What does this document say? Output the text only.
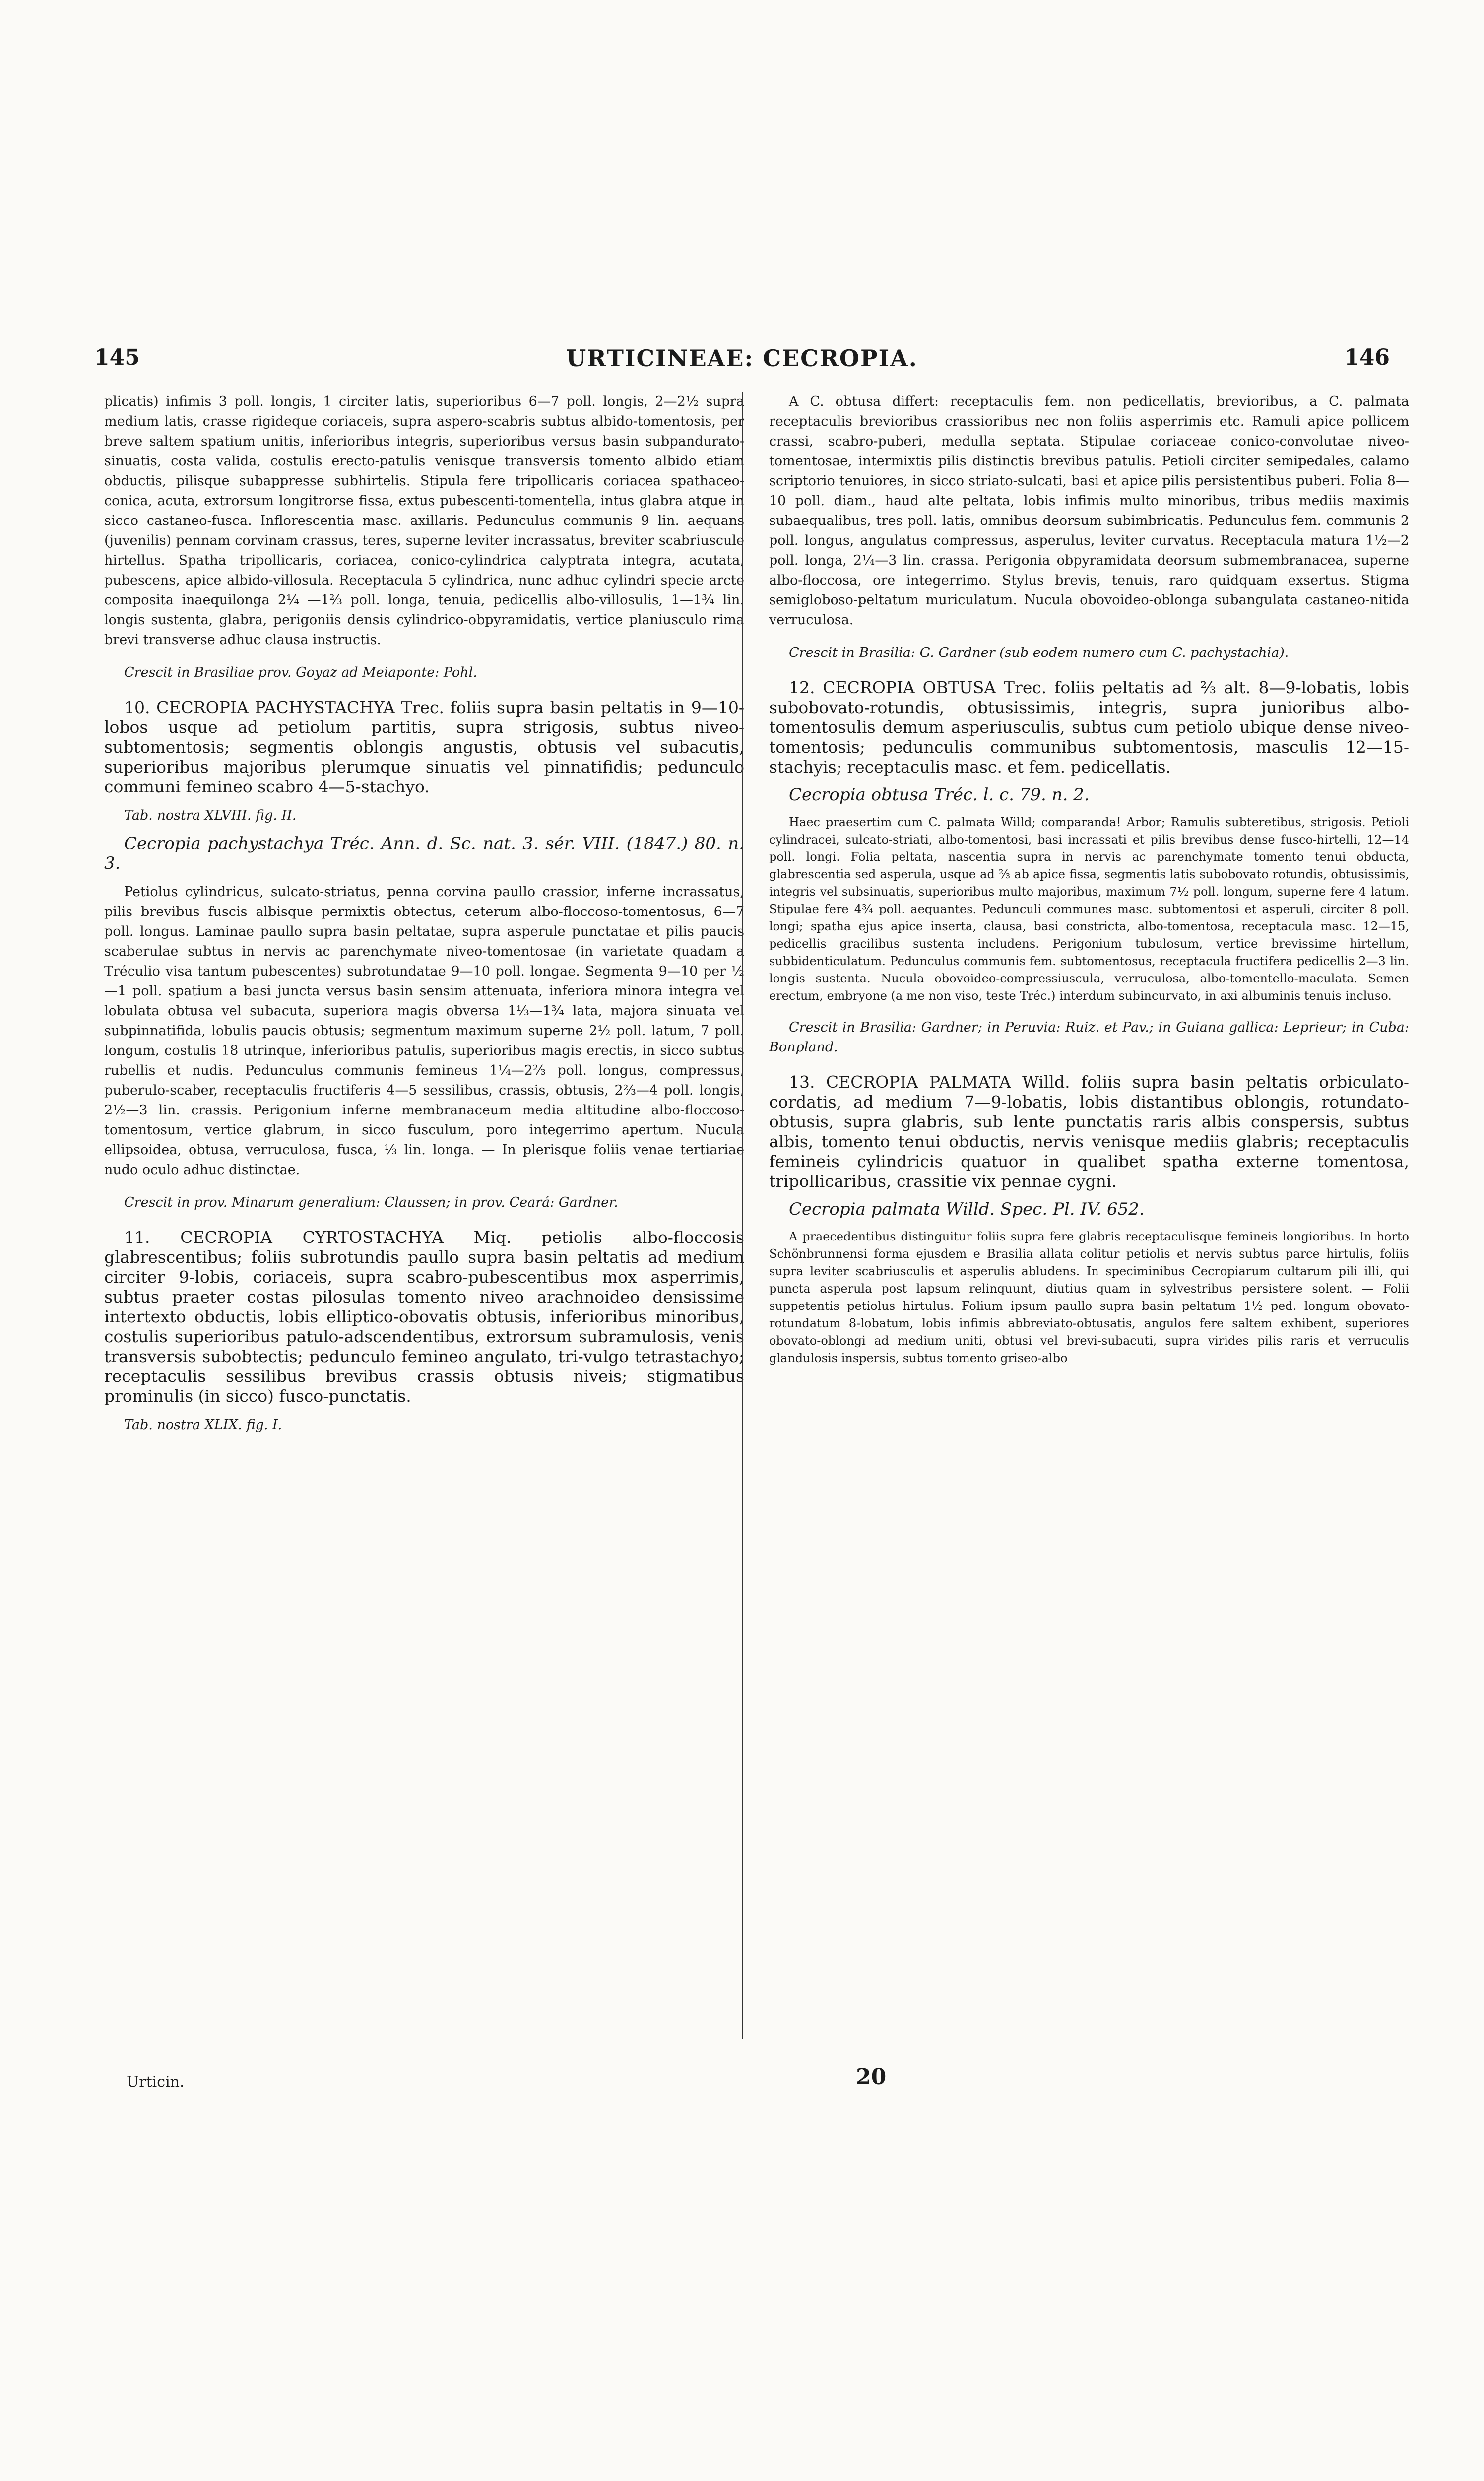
145	URTICINEAE: CECROPIA.	146

plicatis) infimis 3 poll. longis, 1 circiter latis, superioribus 6—7 poll. longis, 2—2½ supra medium latis, crasse rigideque coriaceis, supra aspero-scabris subtus albido-tomentosis, per breve saltem spatium unitis, inferioribus integris, superioribus versus basin subpandurato-sinuatis, costa valida, costulis erecto-patulis venisque transversis tomento albido etiam obductis, pilisque subappresse subhirtelis. Stipula fere tripollicaris coriacea spathaceo-conica, acuta, extrorsum longitrorse fissa, extus pubescenti-tomentella, intus glabra atque in sicco castaneo-fusca. Inflorescentia masc. axillaris. Pedunculus communis 9 lin. aequans (juvenilis) pennam corvinam crassus, teres, superne leviter incrassatus, breviter scabriuscule hirtellus. Spatha tripollicaris, coriacea, conico-cylindrica calyptrata integra, acutata, pubescens, apice albido-villosula. Receptacula 5 cylindrica, nunc adhuc cylindri specie arcte composita inaequilonga 2¼ —1⅔ poll. longa, tenuia, pedicellis albo-villosulis, 1—1¾ lin. longis sustenta, glabra, perigoniis densis cylindrico-obpyramidatis, vertice planiusculo rima brevi transverse adhuc clausa instructis.

Crescit in Brasiliae prov. Goyaz ad Meiaponte: Pohl.

10. CECROPIA PACHYSTACHYA Trec. foliis supra basin peltatis in 9—10-lobos usque ad petiolum partitis, supra strigosis, subtus niveo-subtomentosis; segmentis oblongis angustis, obtusis vel subacutis, superioribus majoribus plerumque sinuatis vel pinnatifidis; pedunculo communi femineo scabro 4—5-stachyo.

Tab. nostra XLVIII. fig. II.

Cecropia pachystachya Tréc. Ann. d. Sc. nat. 3. sér. VIII. (1847.) 80. n. 3.

Petiolus cylindricus, sulcato-striatus, penna corvina paullo crassior, inferne incrassatus, pilis brevibus fuscis albisque permixtis obtectus, ceterum albo-floccoso-tomentosus, 6—7 poll. longus. Laminae paullo supra basin peltatae, supra asperule punctatae et pilis paucis scaberulae subtus in nervis ac parenchymate niveo-tomentosae (in varietate quadam a Tréculio visa tantum pubescentes) subrotundatae 9—10 poll. longae. Segmenta 9—10 per ½—1 poll. spatium a basi juncta versus basin sensim attenuata, inferiora minora integra vel lobulata obtusa vel subacuta, superiora magis obversa 1⅓—1¾ lata, majora sinuata vel subpinnatifida, lobulis paucis obtusis; segmentum maximum superne 2½ poll. latum, 7 poll. longum, costulis 18 utrinque, inferioribus patulis, superioribus magis erectis, in sicco subtus rubellis et nudis. Pedunculus communis femineus 1¼—2⅔ poll. longus, compressus, puberulo-scaber, receptaculis fructiferis 4—5 sessilibus, crassis, obtusis, 2⅔—4 poll. longis, 2½—3 lin. crassis. Perigonium inferne membranaceum media altitudine albo-floccoso-tomentosum, vertice glabrum, in sicco fusculum, poro integerrimo apertum. Nucula ellipsoidea, obtusa, verruculosa, fusca, ⅓ lin. longa. — In plerisque foliis venae tertiariae nudo oculo adhuc distinctae.

Crescit in prov. Minarum generalium: Claussen; in prov. Ceará: Gardner.

11. CECROPIA CYRTOSTACHYA Miq. petiolis albo-floccosis glabrescentibus; foliis subrotundis paullo supra basin peltatis ad medium circiter 9-lobis, coriaceis, supra scabro-pubescentibus mox asperrimis, subtus praeter costas pilosulas tomento niveo arachnoideo densissime intertexto obductis, lobis elliptico-obovatis obtusis, inferioribus minoribus, costulis superioribus patulo-adscendentibus, extrorsum subramulosis, venis transversis subobtectis; pedunculo femineo angulato, tri-vulgo tetrastachyo; receptaculis sessilibus brevibus crassis obtusis niveis; stigmatibus prominulis (in sicco) fusco-punctatis.

Tab. nostra XLIX. fig. I.

A C. obtusa differt: receptaculis fem. non pedicellatis, brevioribus, a C. palmata receptaculis brevioribus crassioribus nec non foliis asperrimis etc. Ramuli apice pollicem crassi, scabro-puberi, medulla septata. Stipulae coriaceae conico-convolutae niveo-tomentosae, intermixtis pilis distinctis brevibus patulis. Petioli circiter semipedales, calamo scriptorio tenuiores, in sicco striato-sulcati, basi et apice pilis persistentibus puberi. Folia 8—10 poll. diam., haud alte peltata, lobis infimis multo minoribus, tribus mediis maximis subaequalibus, tres poll. latis, omnibus deorsum subimbricatis. Pedunculus fem. communis 2 poll. longus, angulatus compressus, asperulus, leviter curvatus. Receptacula matura 1½—2 poll. longa, 2¼—3 lin. crassa. Perigonia obpyramidata deorsum submembranacea, superne albo-floccosa, ore integerrimo. Stylus brevis, tenuis, raro quidquam exsertus. Stigma semigloboso-peltatum muriculatum. Nucula obovoideo-oblonga subangulata castaneo-nitida verruculosa.

Crescit in Brasilia: G. Gardner (sub eodem numero cum C. pachystachia).

12. CECROPIA OBTUSA Trec. foliis peltatis ad ⅔ alt. 8—9-lobatis, lobis subobovato-rotundis, obtusissimis, integris, supra junioribus albo-tomentosulis demum asperiusculis, subtus cum petiolo ubique dense niveo-tomentosis; pedunculis communibus subtomentosis, masculis 12—15-stachyis; receptaculis masc. et fem. pedicellatis.

Cecropia obtusa Tréc. l. c. 79. n. 2.

Haec praesertim cum C. palmata Willd; comparanda! Arbor; Ramulis subteretibus, strigosis. Petioli cylindracei, sulcato-striati, albo-tomentosi, basi incrassati et pilis brevibus dense fusco-hirtelli, 12—14 poll. longi. Folia peltata, nascentia supra in nervis ac parenchymate tomento tenui obducta, glabrescentia sed asperula, usque ad ⅔ ab apice fissa, segmentis latis subobovato rotundis, obtusissimis, integris vel subsinuatis, superioribus multo majoribus, maximum 7½ poll. longum, superne fere 4 latum. Stipulae fere 4¾ poll. aequantes. Pedunculi communes masc. subtomentosi et asperuli, circiter 8 poll. longi; spatha ejus apice inserta, clausa, basi constricta, albo-tomentosa, receptacula masc. 12—15, pedicellis gracilibus sustenta includens. Perigonium tubulosum, vertice brevissime hirtellum, subbidenticulatum. Pedunculus communis fem. subtomentosus, receptacula fructifera pedicellis 2—3 lin. longis sustenta. Nucula obovoideo-compressiuscula, verruculosa, albo-tomentello-maculata. Semen erectum, embryone (a me non viso, teste Tréc.) interdum subincurvato, in axi albuminis tenuis incluso.

Crescit in Brasilia: Gardner; in Peruvia: Ruiz. et Pav.; in Guiana gallica: Leprieur; in Cuba: Bonpland.

13. CECROPIA PALMATA Willd. foliis supra basin peltatis orbiculato-cordatis, ad medium 7—9-lobatis, lobis distantibus oblongis, rotundato-obtusis, supra glabris, sub lente punctatis raris albis conspersis, subtus albis, tomento tenui obductis, nervis venisque mediis glabris; receptaculis femineis cylindricis quatuor in qualibet spatha externe tomentosa, tripollicaribus, crassitie vix pennae cygni.

Cecropia palmata Willd. Spec. Pl. IV. 652.

A praecedentibus distinguitur foliis supra fere glabris receptaculisque femineis longioribus. In horto Schönbrunnensi forma ejusdem e Brasilia allata colitur petiolis et nervis subtus parce hirtulis, foliis supra leviter scabriusculis et asperulis abludens. In speciminibus Cecropiarum cultarum pili illi, qui puncta asperula post lapsum relinquunt, diutius quam in sylvestribus persistere solent. — Folii suppetentis petiolus hirtulus. Folium ipsum paullo supra basin peltatum 1½ ped. longum obovato-rotundatum 8-lobatum, lobis infimis abbreviato-obtusatis, angulos fere saltem exhibent, superiores obovato-oblongi ad medium uniti, obtusi vel brevi-subacuti, supra virides pilis raris et verruculis glandulosis inspersis, subtus tomento griseo-albo

Urticin.	20
